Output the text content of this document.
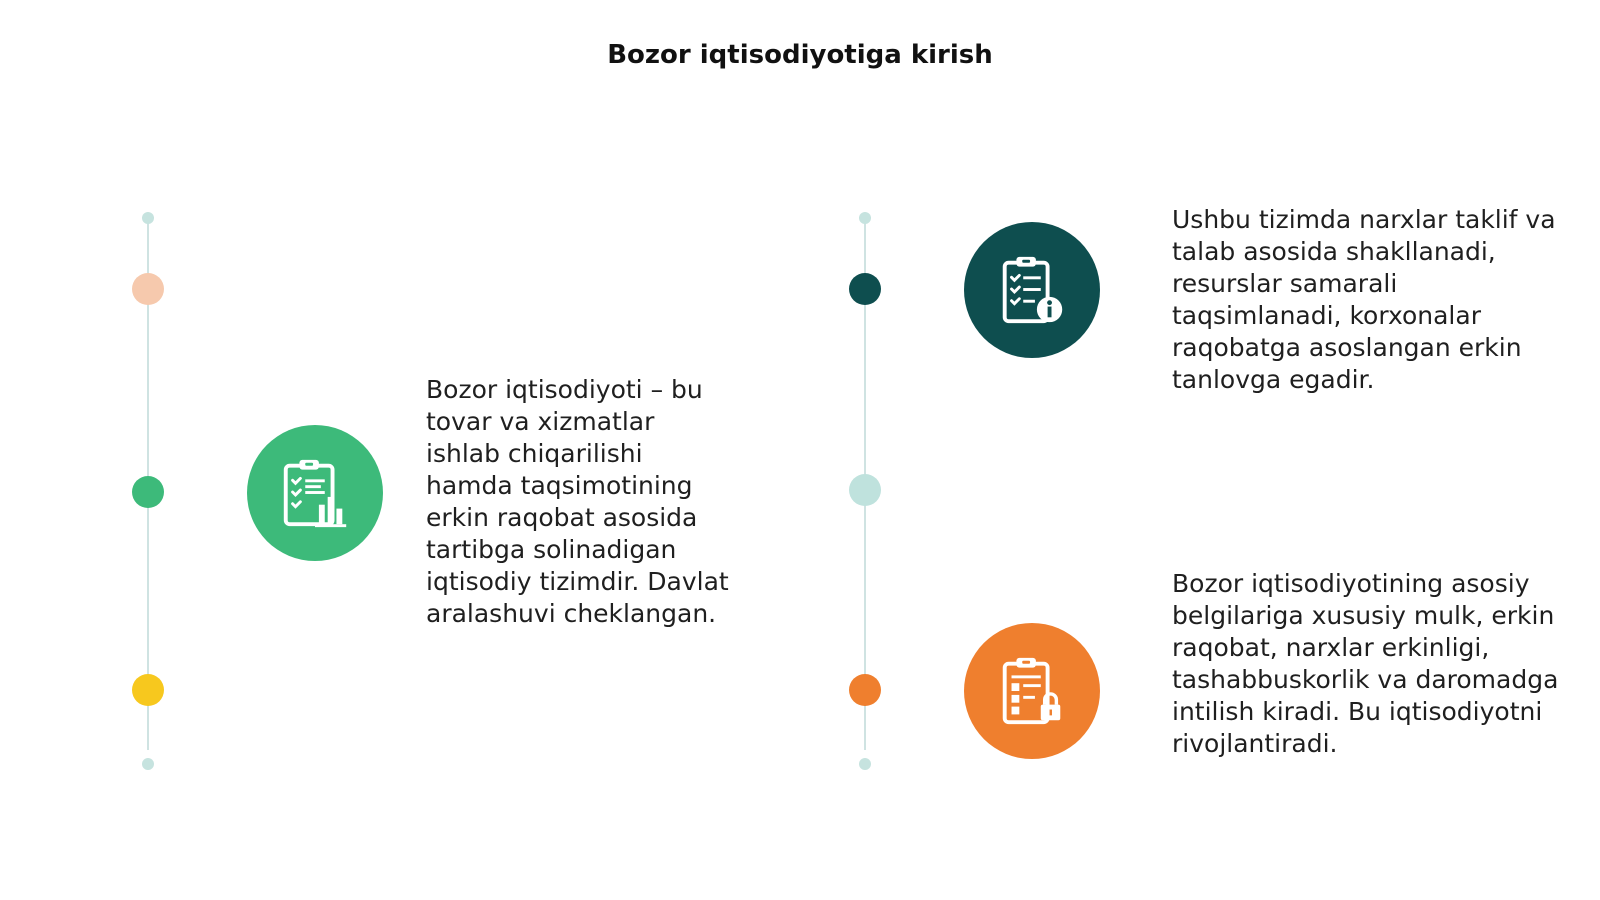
Bozor iqtisodiyotiga kirish
Bozor iqtisodiyoti – bu tovar va xizmatlar ishlab chiqarilishi hamda taqsimotining erkin raqobat asosida tartibga solinadigan iqtisodiy tizimdir. Davlat aralashuvi cheklangan.
Ushbu tizimda narxlar taklif va talab asosida shakllanadi, resurslar samarali taqsimlanadi, korxonalar raqobatga asoslangan erkin tanlovga egadir.
Bozor iqtisodiyotining asosiy belgilariga xususiy mulk, erkin raqobat, narxlar erkinligi, tashabbuskorlik va daromadga intilish kiradi. Bu iqtisodiyotni rivojlantiradi.
